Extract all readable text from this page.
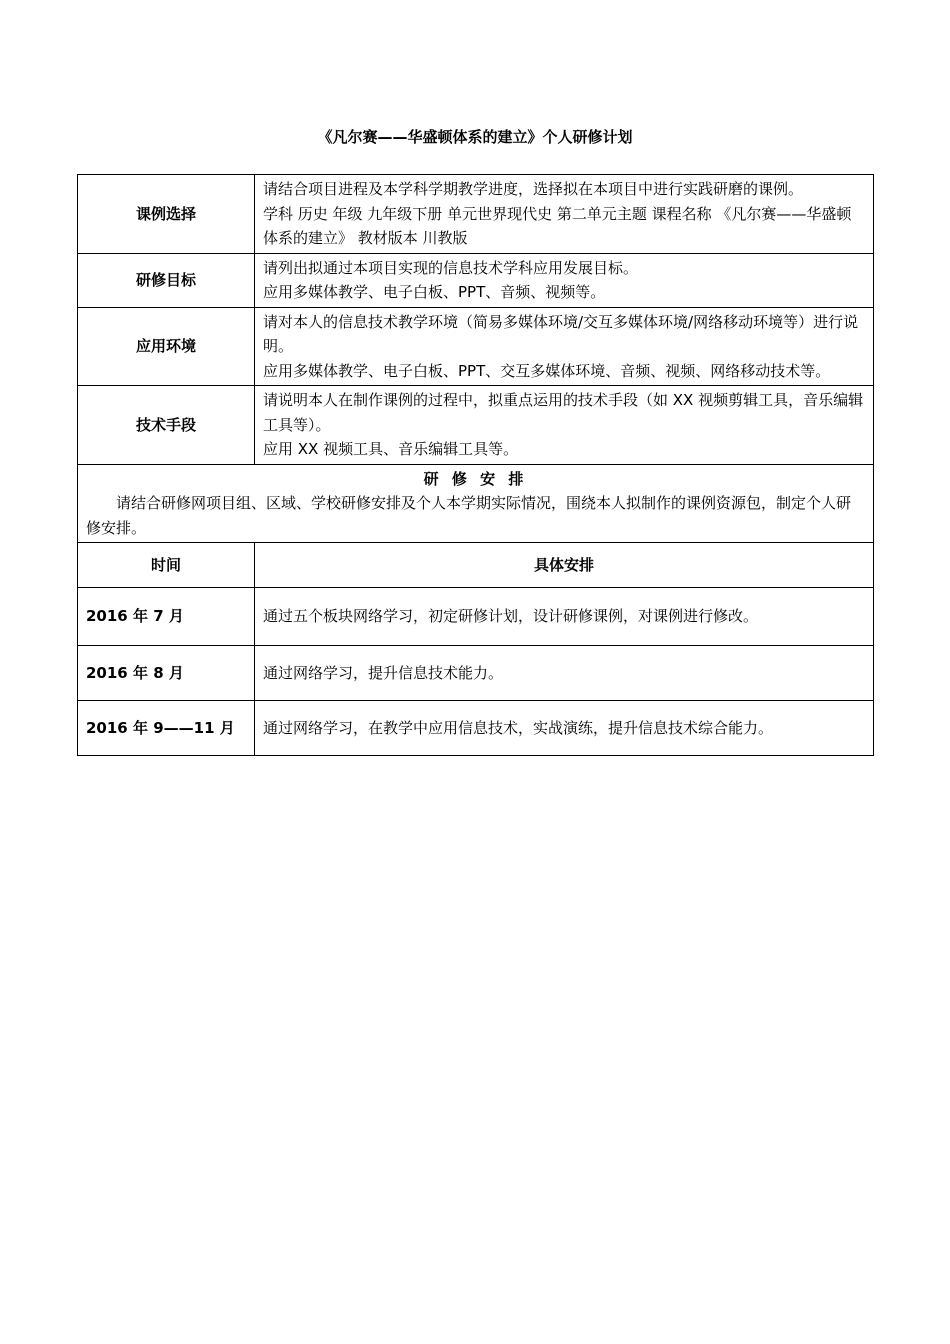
《凡尔赛——华盛顿体系的建立》个人研修计划
课例选择	请结合项目进程及本学科学期教学进度，选择拟在本项目中进行实践研磨的课例。

学科 历史 年级 九年级下册 单元世界现代史 第二单元主题 课程名称 《凡尔赛——华盛顿体系的建立》 教材版本 川教版

研修目标	请列出拟通过本项目实现的信息技术学科应用发展目标。

应用多媒体教学、电子白板、PPT、音频、视频等。

应用环境	请对本人的信息技术教学环境（简易多媒体环境/交互多媒体环境/网络移动环境等）进行说明。

应用多媒体教学、电子白板、PPT、交互多媒体环境、音频、视频、网络移动技术等。

技术手段	请说明本人在制作课例的过程中，拟重点运用的技术手段（如 XX 视频剪辑工具，音乐编辑工具等）。

应用 XX 视频工具、音乐编辑工具等。

研 修 安 排
请结合研修网项目组、区域、学校研修安排及个人本学期实际情况，围绕本人拟制作的课例资源包，制定个人研修安排。	

时间	具体安排
2016 年 7 月	通过五个板块网络学习，初定研修计划，设计研修课例，对课例进行修改。
2016 年 8 月	通过网络学习，提升信息技术能力。
2016 年 9——11 月	通过网络学习，在教学中应用信息技术，实战演练，提升信息技术综合能力。
